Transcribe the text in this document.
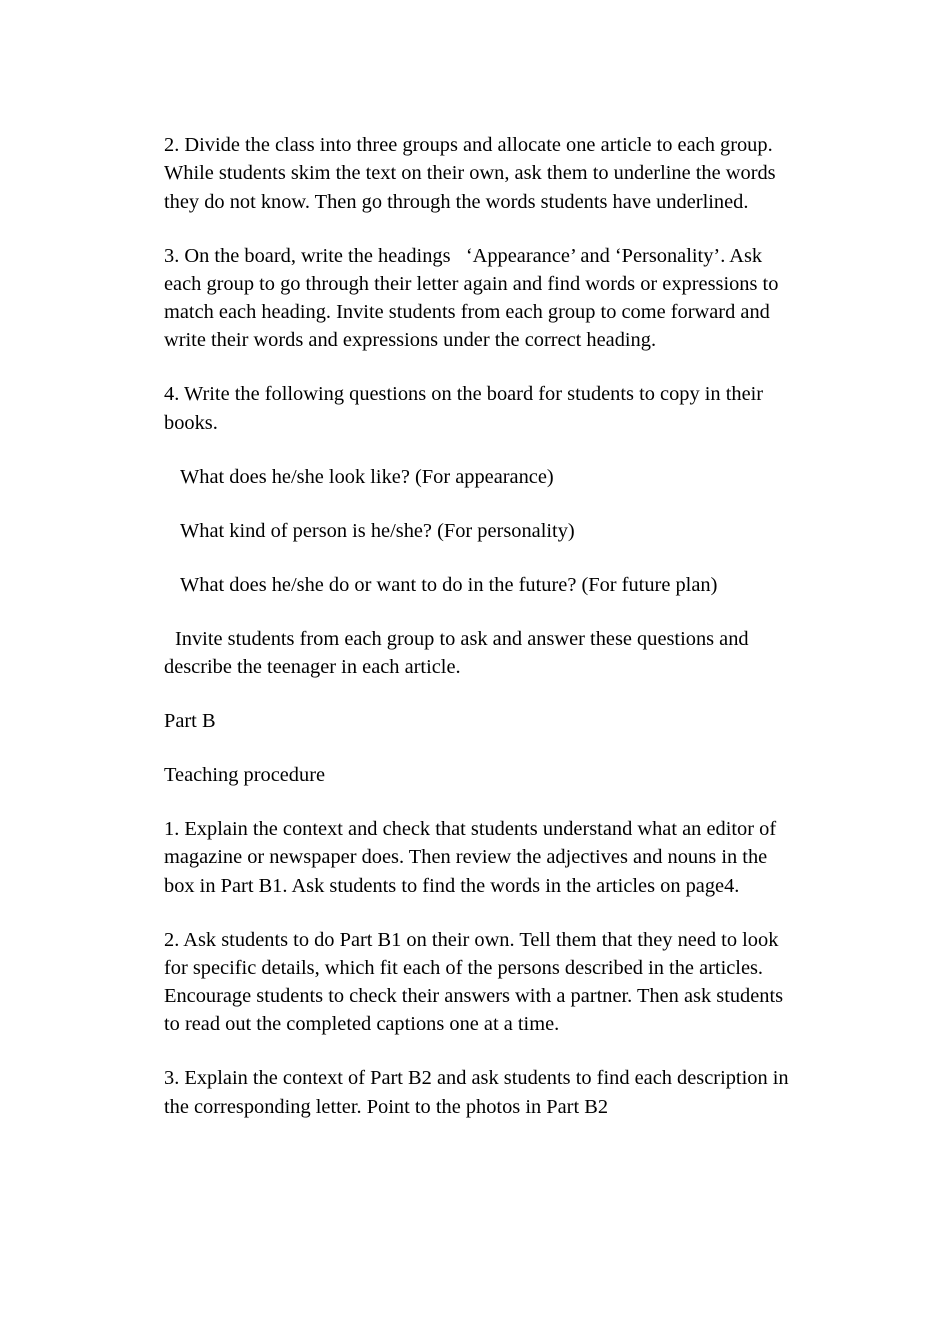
2. Divide the class into three groups and allocate one article to each group. While students skim the text on their own, ask them to underline the words they do not know. Then go through the words students have underlined.

3. On the board, write the headings   ‘Appearance’ and ‘Personality’. Ask each group to go through their letter again and find words or expressions to match each heading. Invite students from each group to come forward and write their words and expressions under the correct heading.

4. Write the following questions on the board for students to copy in their books.

What does he/she look like? (For appearance)

What kind of person is he/she? (For personality)

What does he/she do or want to do in the future? (For future plan)

Invite students from each group to ask and answer these questions and describe the teenager in each article.

Part B

Teaching procedure

1. Explain the context and check that students understand what an editor of magazine or newspaper does. Then review the adjectives and nouns in the box in Part B1. Ask students to find the words in the articles on page4.

2. Ask students to do Part B1 on their own. Tell them that they need to look for specific details, which fit each of the persons described in the articles. Encourage students to check their answers with a partner. Then ask students to read out the completed captions one at a time.

3. Explain the context of Part B2 and ask students to find each description in the corresponding letter. Point to the photos in Part B2
